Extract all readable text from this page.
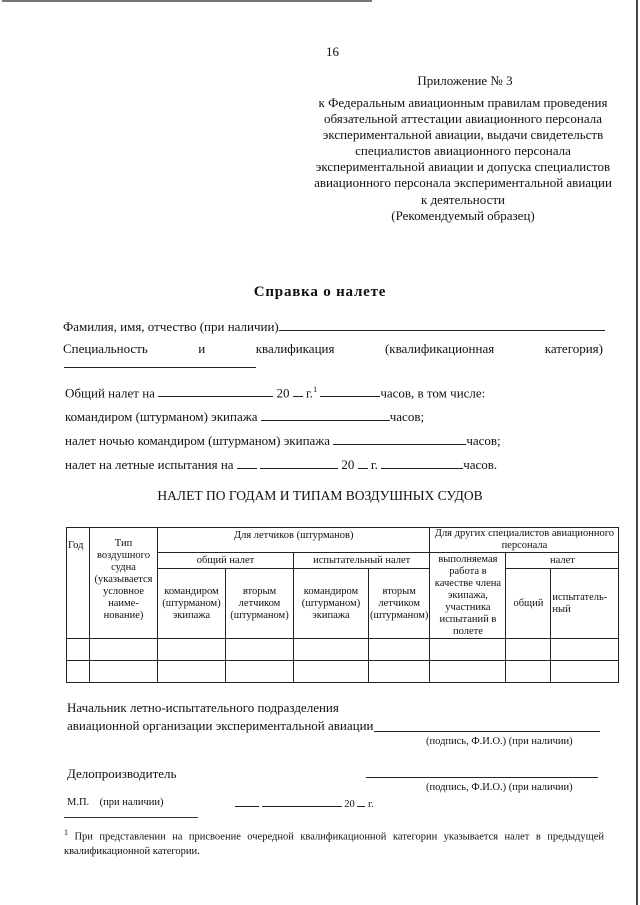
16
Приложение № 3
к Федеральным авиационным правилам проведения
обязательной аттестации авиационного персонала
экспериментальной авиации, выдачи свидетельств
специалистов авиационного персонала
экспериментальной авиации и допуска специалистов
авиационного персонала экспериментальной авиации
к деятельности
(Рекомендуемый образец)
Справка о налете
Фамилия, имя, отчество (при наличии)
Специальность	и	квалификация	(квалификационная	категория)
Общий налет на	20 г.$^1$	часов, в том числе:
командиром (штурманом) экипажа	часов;
налет ночью командиром (штурманом) экипажа	часов;
налет на летные испытания на	20 г.	часов.
НАЛЕТ ПО ГОДАМ И ТИПАМ ВОЗДУШНЫХ СУДОВ
Год	Тип воздушного судна (указывается условное наиме-нование)	Для летчиков (штурманов)				Для других специалистов авиационного персонала		
		общий налет		испытательный налет		выполняемая работа в качестве члена экипажа, участника испытаний в полете	налет	
		командиром (штурманом) экипажа	вторым летчиком (штурманом)	командиром (штурманом) экипажа	вторым летчиком (штурманом)		общий	испытатель-ный

Начальник летно-испытательного подразделения
авиационной организации экспериментальной авиации
(подпись, Ф.И.О.) (при наличии)
Делопроизводитель
(подпись, Ф.И.О.) (при наличии)
М.П. (при наличии)	20 г.
$^1$ При представлении на присвоение очередной квалификационной категории указывается налет в предыдущей квалификационной категории.
